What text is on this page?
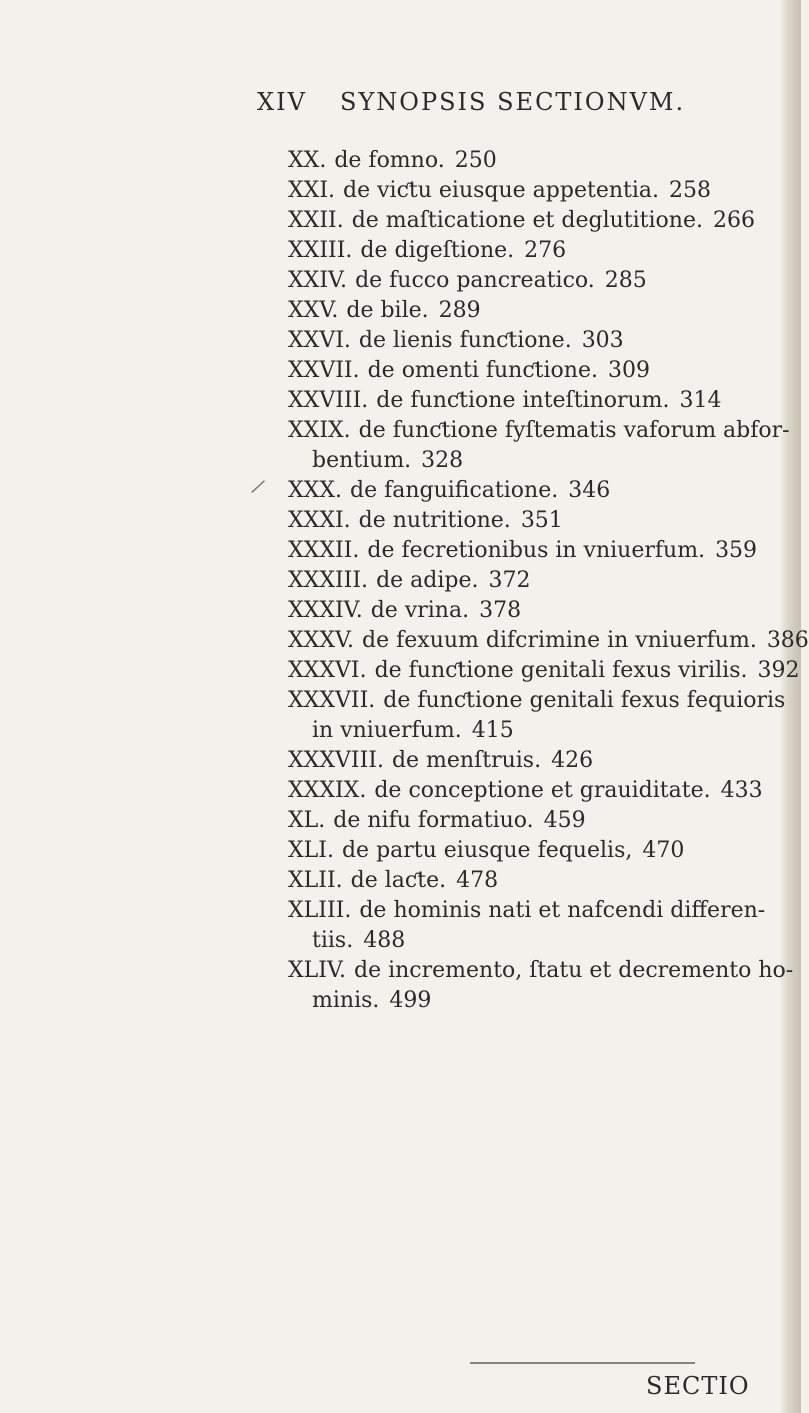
XIV SYNOPSIS SECTIONVM.
/
XX. de fomno. 250
XXI. de viƈtu eiusque appetentia. 258
XXII. de maſticatione et deglutitione. 266
XXIII. de digeſtione. 276
XXIV. de fucco pancreatico. 285
XXV. de bile. 289
XXVI. de lienis funƈtione. 303
XXVII. de omenti funƈtione. 309
XXVIII. de funƈtione inteſtinorum. 314
XXIX. de funƈtione fyſtematis vaforum abfor-
bentium. 328
XXX. de fanguificatione. 346
XXXI. de nutritione. 351
XXXII. de fecretionibus in vniuerfum. 359
XXXIII. de adipe. 372
XXXIV. de vrina. 378
XXXV. de fexuum difcrimine in vniuerfum. 386
XXXVI. de funƈtione genitali fexus virilis. 392
XXXVII. de funƈtione genitali fexus fequioris
in vniuerfum. 415
XXXVIII. de menſtruis. 426
XXXIX. de conceptione et grauiditate. 433
XL. de nifu formatiuo. 459
XLI. de partu eiusque fequelis, 470
XLII. de laƈte. 478
XLIII. de hominis nati et nafcendi differen-
tiis. 488
XLIV. de incremento, ſtatu et decremento ho-
minis. 499
SECTIO
